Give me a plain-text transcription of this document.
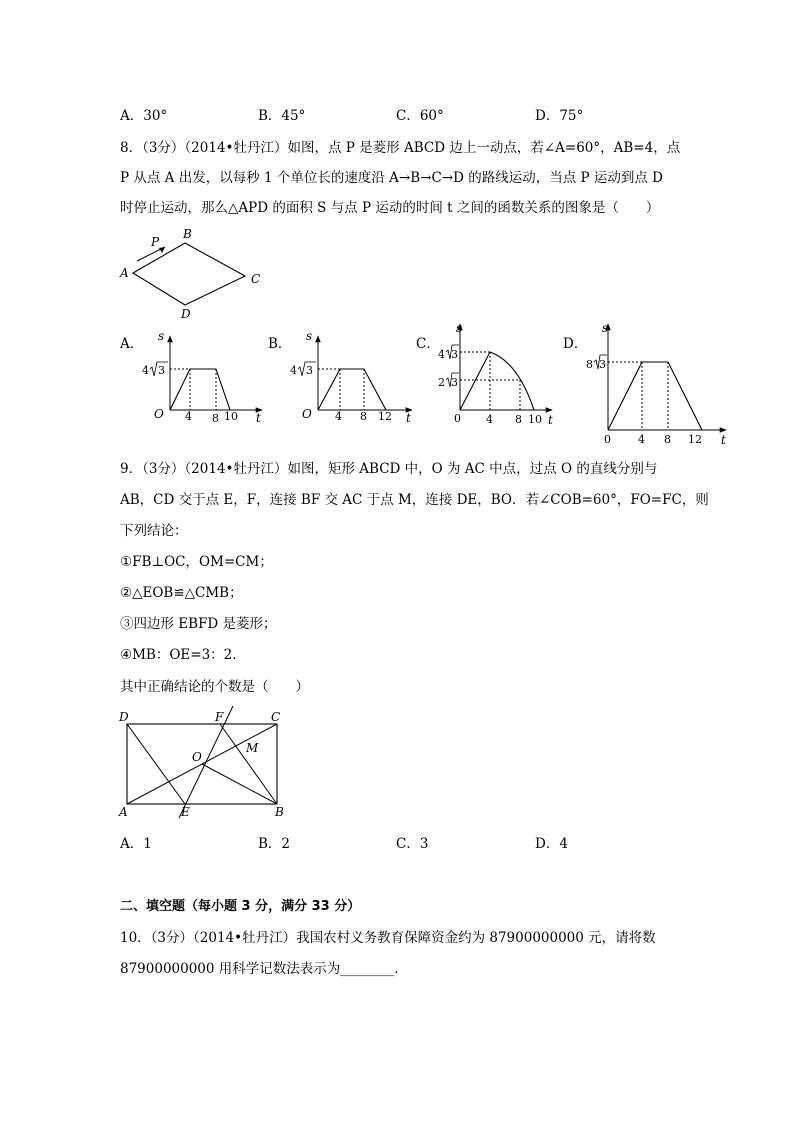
A．30°	B．45°	C．60°	D．75°
8．（3分）（2014•牡丹江）如图，点 P 是菱形 ABCD 边上一动点，若∠A=60°，AB=4，点
P 从点 A 出发，以每秒 1 个单位长的速度沿 A→B→C→D 的路线运动，当点 P 运动到点 D
时停止运动，那么△APD 的面积 S 与点 P 运动的时间 t 之间的函数关系的图象是（　　）
A
B
C
D
P
A．	B．	C．	D．
s
t
O
4 3
4 8 10
s
t
O
4 3
4 8 12
s
t
0
4 3
2 3
4 8 10
s
t
0
8 3
4 8 12
9．（3分）（2014•牡丹江）如图，矩形 ABCD 中，O 为 AC 中点，过点 O 的直线分别与
AB，CD 交于点 E，F，连接 BF 交 AC 于点 M，连接 DE，BO．若∠COB=60°，FO=FC，则
下列结论：
①FB⊥OC，OM=CM；
②△EOB≌△CMB；
③四边形 EBFD 是菱形；
④MB：OE=3：2．
其中正确结论的个数是（　　）
D	F	C
M
O
A	E	B
A．1	B．2	C．3	D．4
二、填空题（每小题 3 分，满分 33 分）
10．（3分）（2014•牡丹江）我国农村义务教育保障资金约为 87900000000 元，请将数
87900000000 用科学记数法表示为________．
